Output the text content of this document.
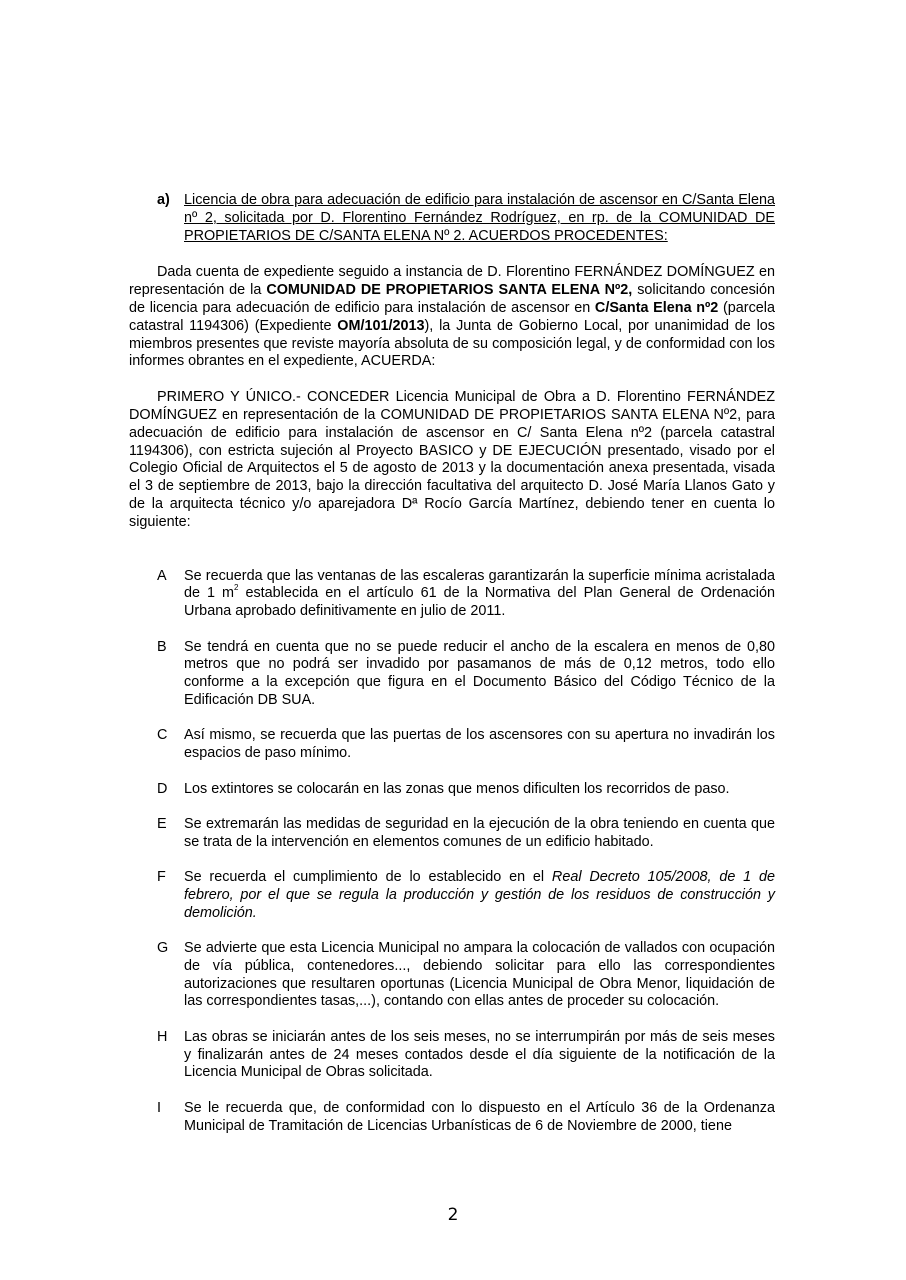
a) Licencia de obra para adecuación de edificio para instalación de ascensor en C/Santa Elena nº 2, solicitada por D. Florentino Fernández Rodríguez, en rp. de la COMUNIDAD DE PROPIETARIOS DE C/SANTA ELENA Nº 2. ACUERDOS PROCEDENTES:

Dada cuenta de expediente seguido a instancia de D. Florentino FERNÁNDEZ DOMÍNGUEZ en representación de la COMUNIDAD DE PROPIETARIOS SANTA ELENA Nº2, solicitando concesión de licencia para adecuación de edificio para instalación de ascensor en C/Santa Elena nº2 (parcela catastral 1194306) (Expediente OM/101/2013), la Junta de Gobierno Local, por unanimidad de los miembros presentes que reviste mayoría absoluta de su composición legal, y de conformidad con los informes obrantes en el expediente, ACUERDA:

PRIMERO Y ÚNICO.- CONCEDER Licencia Municipal de Obra a D. Florentino FERNÁNDEZ DOMÍNGUEZ en representación de la COMUNIDAD DE PROPIETARIOS SANTA ELENA Nº2, para adecuación de edificio para instalación de ascensor en C/ Santa Elena nº2 (parcela catastral 1194306), con estricta sujeción al Proyecto BASICO y DE EJECUCIÓN presentado, visado por el Colegio Oficial de Arquitectos el 5 de agosto de 2013 y la documentación anexa presentada, visada el 3 de septiembre de 2013, bajo la dirección facultativa del arquitecto D. José María Llanos Gato y de la arquitecta técnico y/o aparejadora Dª Rocío García Martínez, debiendo tener en cuenta lo siguiente:

A	Se recuerda que las ventanas de las escaleras garantizarán la superficie mínima acristalada de 1 $m^2$ establecida en el artículo 61 de la Normativa del Plan General de Ordenación Urbana aprobado definitivamente en julio de 2011.
B	Se tendrá en cuenta que no se puede reducir el ancho de la escalera en menos de 0,80 metros que no podrá ser invadido por pasamanos de más de 0,12 metros, todo ello conforme a la excepción que figura en el Documento Básico del Código Técnico de la Edificación DB SUA.
C	Así mismo, se recuerda que las puertas de los ascensores con su apertura no invadirán los espacios de paso mínimo.
D	Los extintores se colocarán en las zonas que menos dificulten los recorridos de paso.
E	Se extremarán las medidas de seguridad en la ejecución de la obra teniendo en cuenta que se trata de la intervención en elementos comunes de un edificio habitado.
F	Se recuerda el cumplimiento de lo establecido en el Real Decreto 105/2008, de 1 de febrero, por el que se regula la producción y gestión de los residuos de construcción y demolición.
G	Se advierte que esta Licencia Municipal no ampara la colocación de vallados con ocupación de vía pública, contenedores..., debiendo solicitar para ello las correspondientes autorizaciones que resultaren oportunas (Licencia Municipal de Obra Menor, liquidación de las correspondientes tasas,...), contando con ellas antes de proceder su colocación.
H	Las obras se iniciarán antes de los seis meses, no se interrumpirán por más de seis meses y finalizarán antes de 24 meses contados desde el día siguiente de la notificación de la Licencia Municipal de Obras solicitada.
I	Se le recuerda que, de conformidad con lo dispuesto en el Artículo 36 de la Ordenanza Municipal de Tramitación de Licencias Urbanísticas de 6 de Noviembre de 2000, tiene
2
